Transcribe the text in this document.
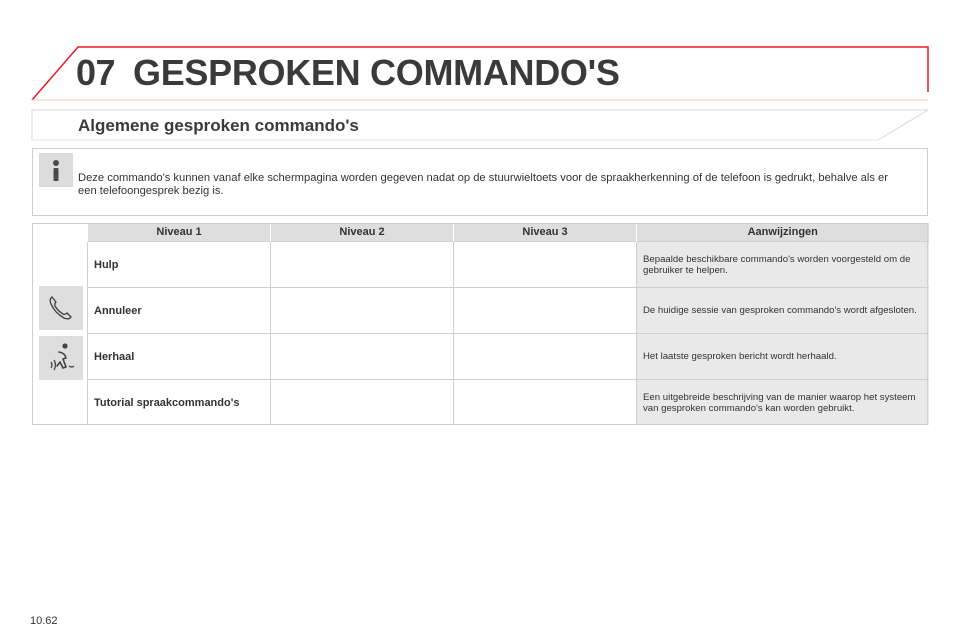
07 GESPROKEN COMMANDO'S
Algemene gesproken commando's
Deze commando's kunnen vanaf elke schermpagina worden gegeven nadat op de stuurwieltoets voor de spraakherkenning of de telefoon is gedrukt, behalve als er een telefoongesprek bezig is.
	Niveau 1	Niveau 2	Niveau 3	Aanwijzingen
	Hulp			Bepaalde beschikbare commando's worden voorgesteld om de gebruiker te helpen.
	Annuleer			De huidige sessie van gesproken commando's wordt afgesloten.
	Herhaal			Het laatste gesproken bericht wordt herhaald.
	Tutorial spraakcommando's			Een uitgebreide beschrijving van de manier waarop het systeem van gesproken commando's kan worden gebruikt.
10.62
